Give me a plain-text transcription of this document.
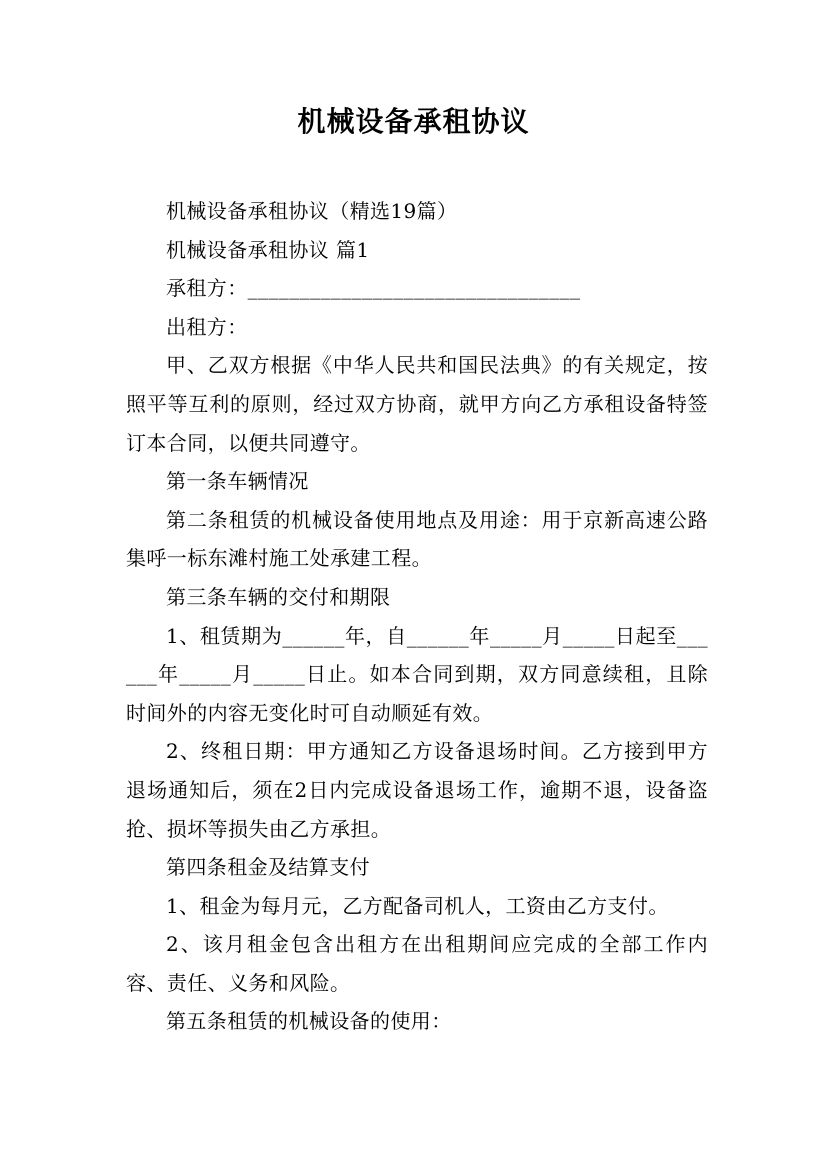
机械设备承租协议

机械设备承租协议（精选19篇）

机械设备承租协议 篇1

承租方：________________________________

出租方：

甲、乙双方根据《中华人民共和国民法典》的有关规定，按照平等互利的原则，经过双方协商，就甲方向乙方承租设备特签订本合同，以便共同遵守。

第一条车辆情况

第二条租赁的机械设备使用地点及用途：用于京新高速公路集呼一标东滩村施工处承建工程。

第三条车辆的交付和期限

1、租赁期为______年，自______年_____月_____日起至______年_____月_____日止。如本合同到期，双方同意续租，且除时间外的内容无变化时可自动顺延有效。

2、终租日期：甲方通知乙方设备退场时间。乙方接到甲方退场通知后，须在2日内完成设备退场工作，逾期不退，设备盗抢、损坏等损失由乙方承担。

第四条租金及结算支付

1、租金为每月元，乙方配备司机人，工资由乙方支付。

2、该月租金包含出租方在出租期间应完成的全部工作内容、责任、义务和风险。

第五条租赁的机械设备的使用：
